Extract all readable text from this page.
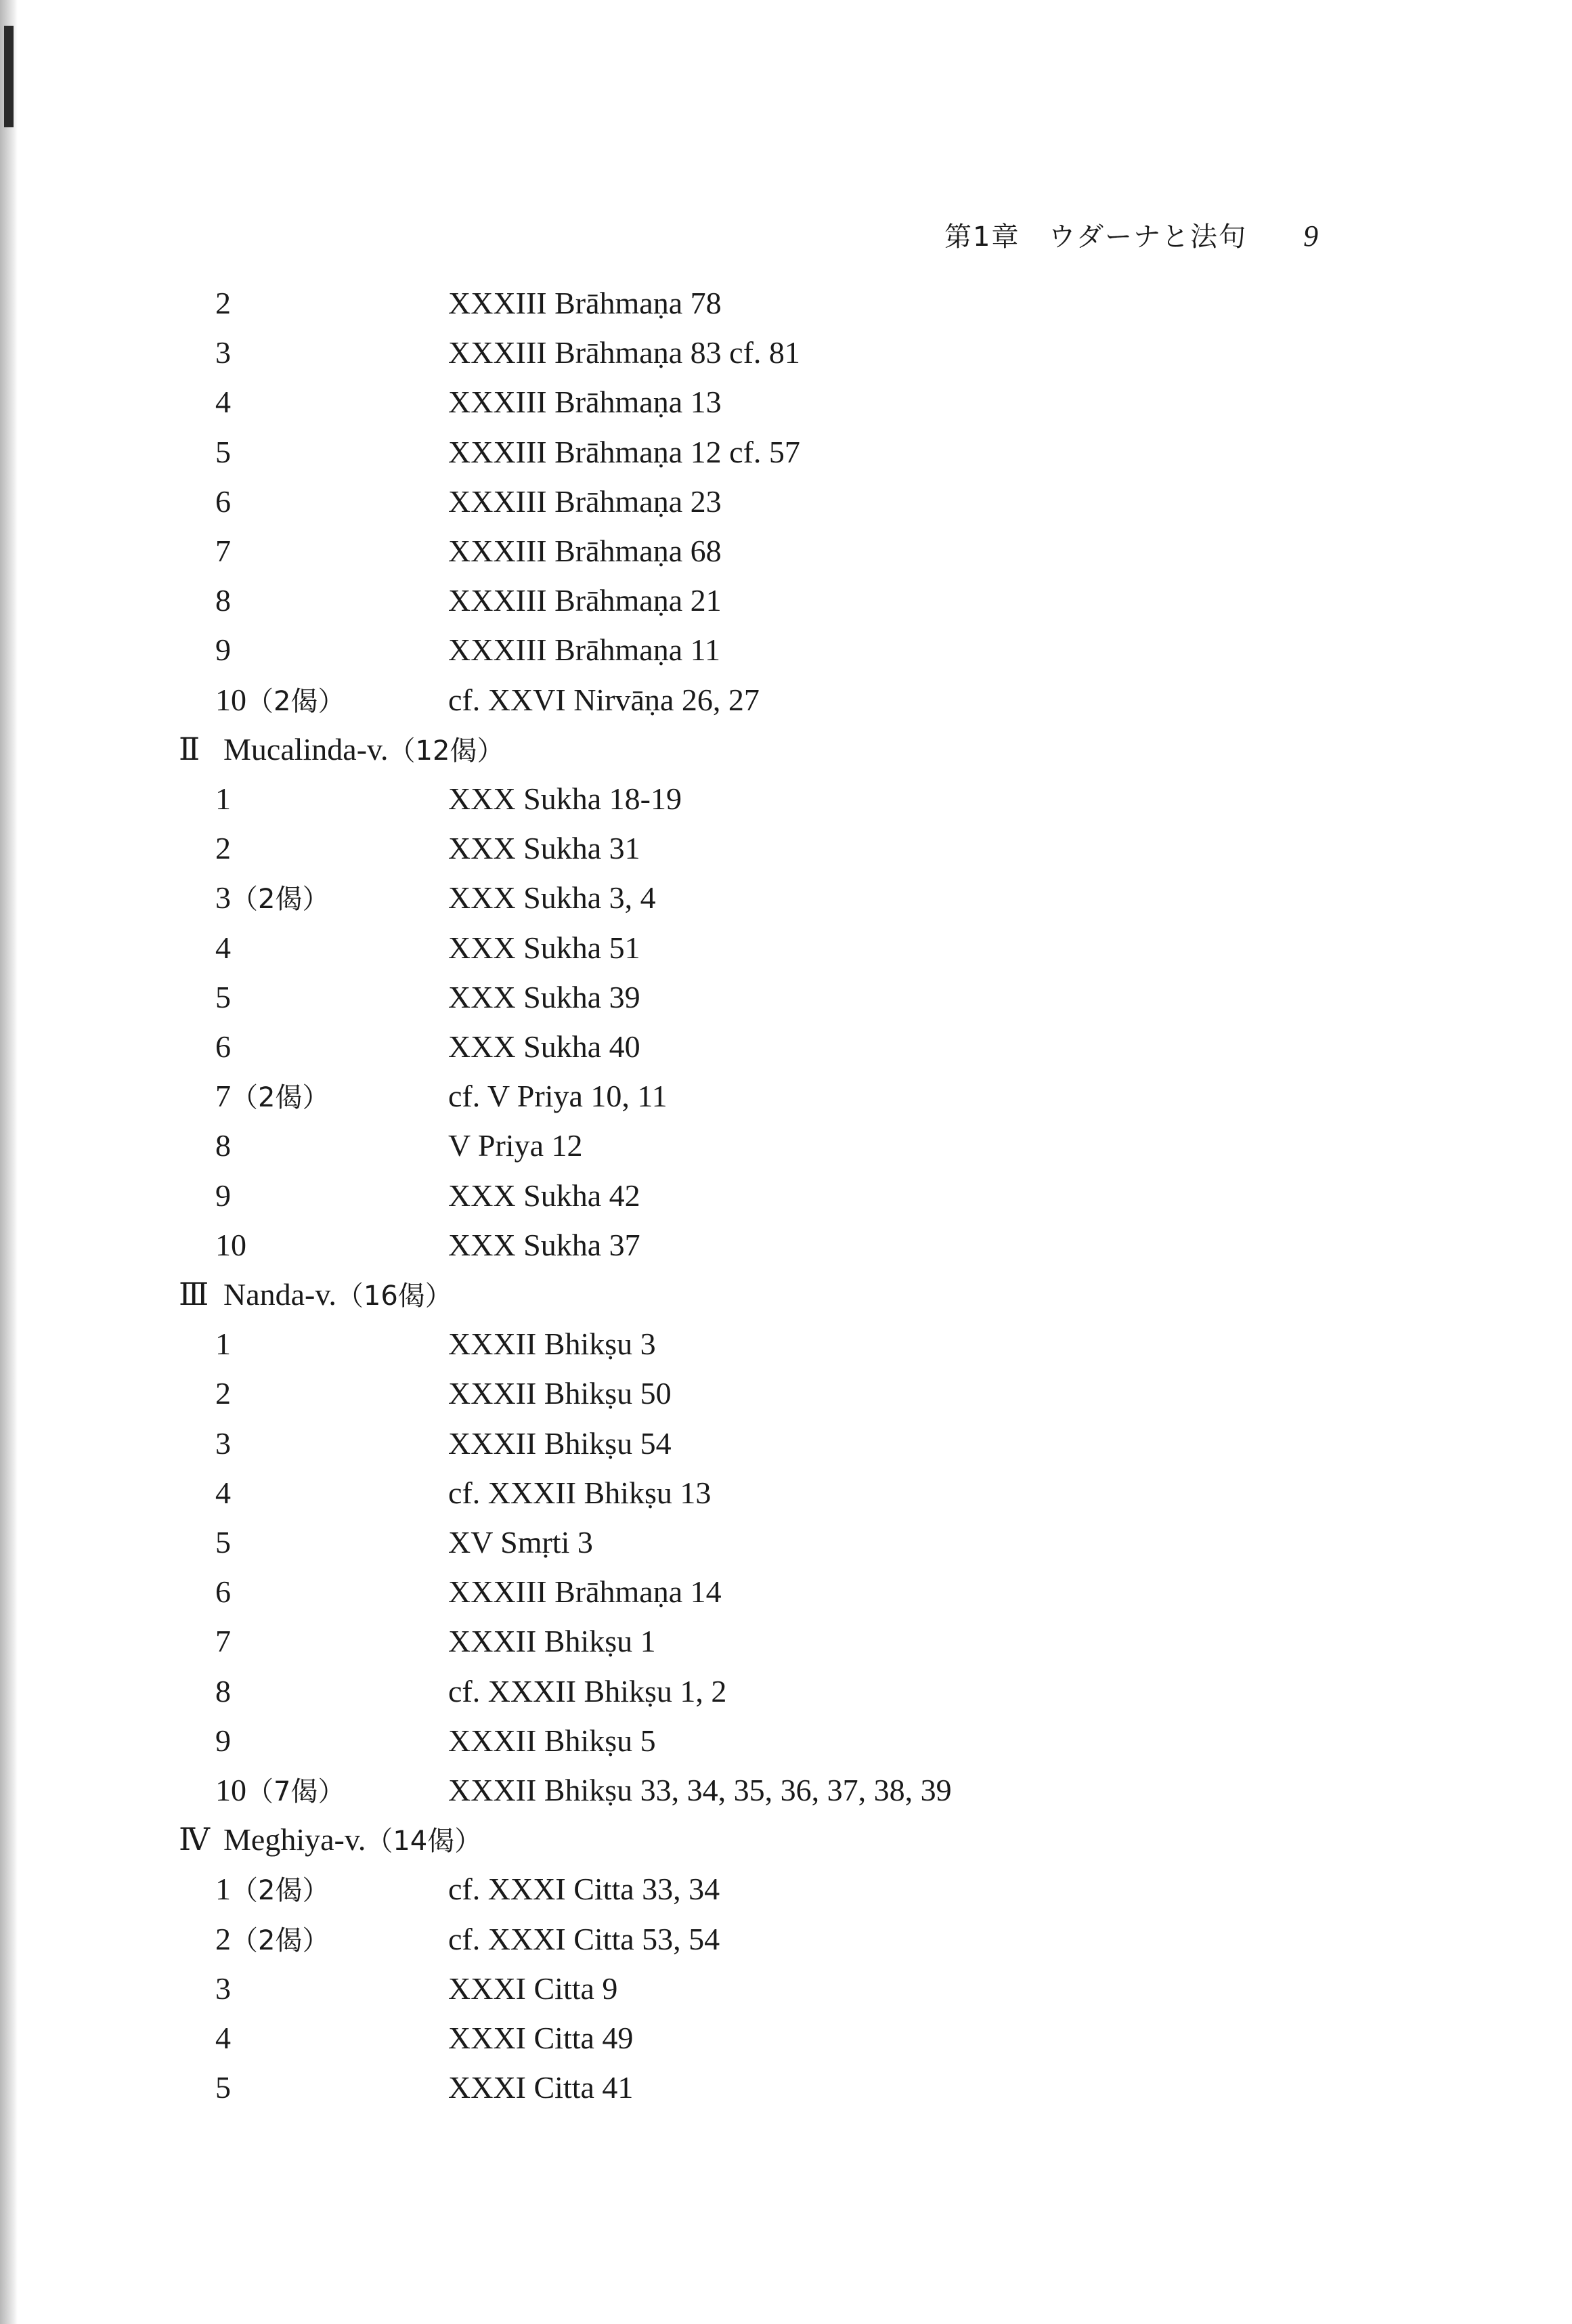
第1章　ウダーナと法句 9
2	XXXIII Brāhmaṇa 78
3	XXXIII Brāhmaṇa 83 cf. 81
4	XXXIII Brāhmaṇa 13
5	XXXIII Brāhmaṇa 12 cf. 57
6	XXXIII Brāhmaṇa 23
7	XXXIII Brāhmaṇa 68
8	XXXIII Brāhmaṇa 21
9	XXXIII Brāhmaṇa 11
10（2偈）	cf. XXVI Nirvāṇa 26, 27
Ⅱ Mucalinda-v.（12偈）
1	XXX Sukha 18-19
2	XXX Sukha 31
3（2偈）	XXX Sukha 3, 4
4	XXX Sukha 51
5	XXX Sukha 39
6	XXX Sukha 40
7（2偈）	cf. V Priya 10, 11
8	V Priya 12
9	XXX Sukha 42
10	XXX Sukha 37
Ⅲ Nanda-v.（16偈）
1	XXXII Bhikṣu 3
2	XXXII Bhikṣu 50
3	XXXII Bhikṣu 54
4	cf. XXXII Bhikṣu 13
5	XV Smṛti 3
6	XXXIII Brāhmaṇa 14
7	XXXII Bhikṣu 1
8	cf. XXXII Bhikṣu 1, 2
9	XXXII Bhikṣu 5
10（7偈）	XXXII Bhikṣu 33, 34, 35, 36, 37, 38, 39
Ⅳ Meghiya-v.（14偈）
1（2偈）	cf. XXXI Citta 33, 34
2（2偈）	cf. XXXI Citta 53, 54
3	XXXI Citta 9
4	XXXI Citta 49
5	XXXI Citta 41
